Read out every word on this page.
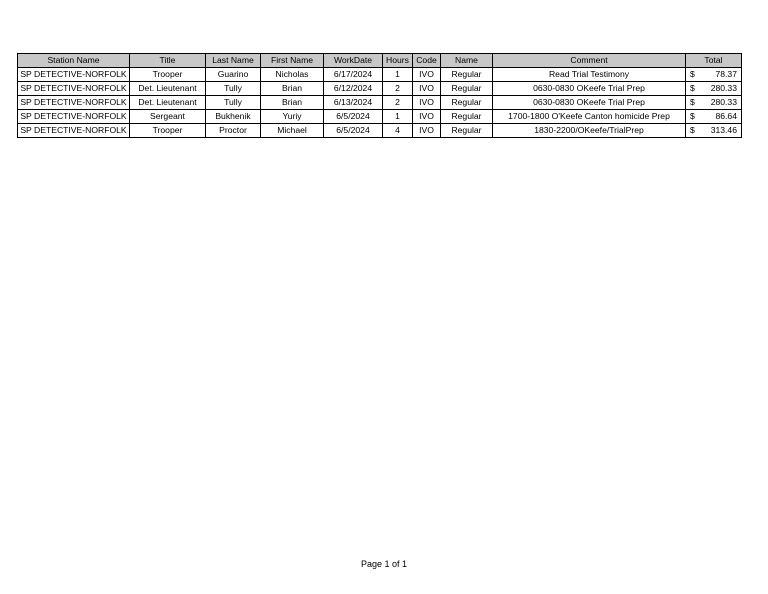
Station Name	Title	Last Name	First Name	WorkDate	Hours	Code	Name	Comment	Total
SP DETECTIVE-NORFOLK	Trooper	Guarino	Nicholas	6/17/2024	1	IVO	Regular	Read Trial Testimony	$ 78.37

SP DETECTIVE-NORFOLK	Det. Lieutenant	Tully	Brian	6/12/2024	2	IVO	Regular	0630-0830 OKeefe Trial Prep	$ 280.33

SP DETECTIVE-NORFOLK	Det. Lieutenant	Tully	Brian	6/13/2024	2	IVO	Regular	0630-0830 OKeefe Trial Prep	$ 280.33

SP DETECTIVE-NORFOLK	Sergeant	Bukhenik	Yuriy	6/5/2024	1	IVO	Regular	1700-1800 O'Keefe Canton homicide Prep	$ 86.64

SP DETECTIVE-NORFOLK	Trooper	Proctor	Michael	6/5/2024	4	IVO	Regular	1830-2200/OKeefe/TrialPrep	$ 313.46
Page 1 of 1
